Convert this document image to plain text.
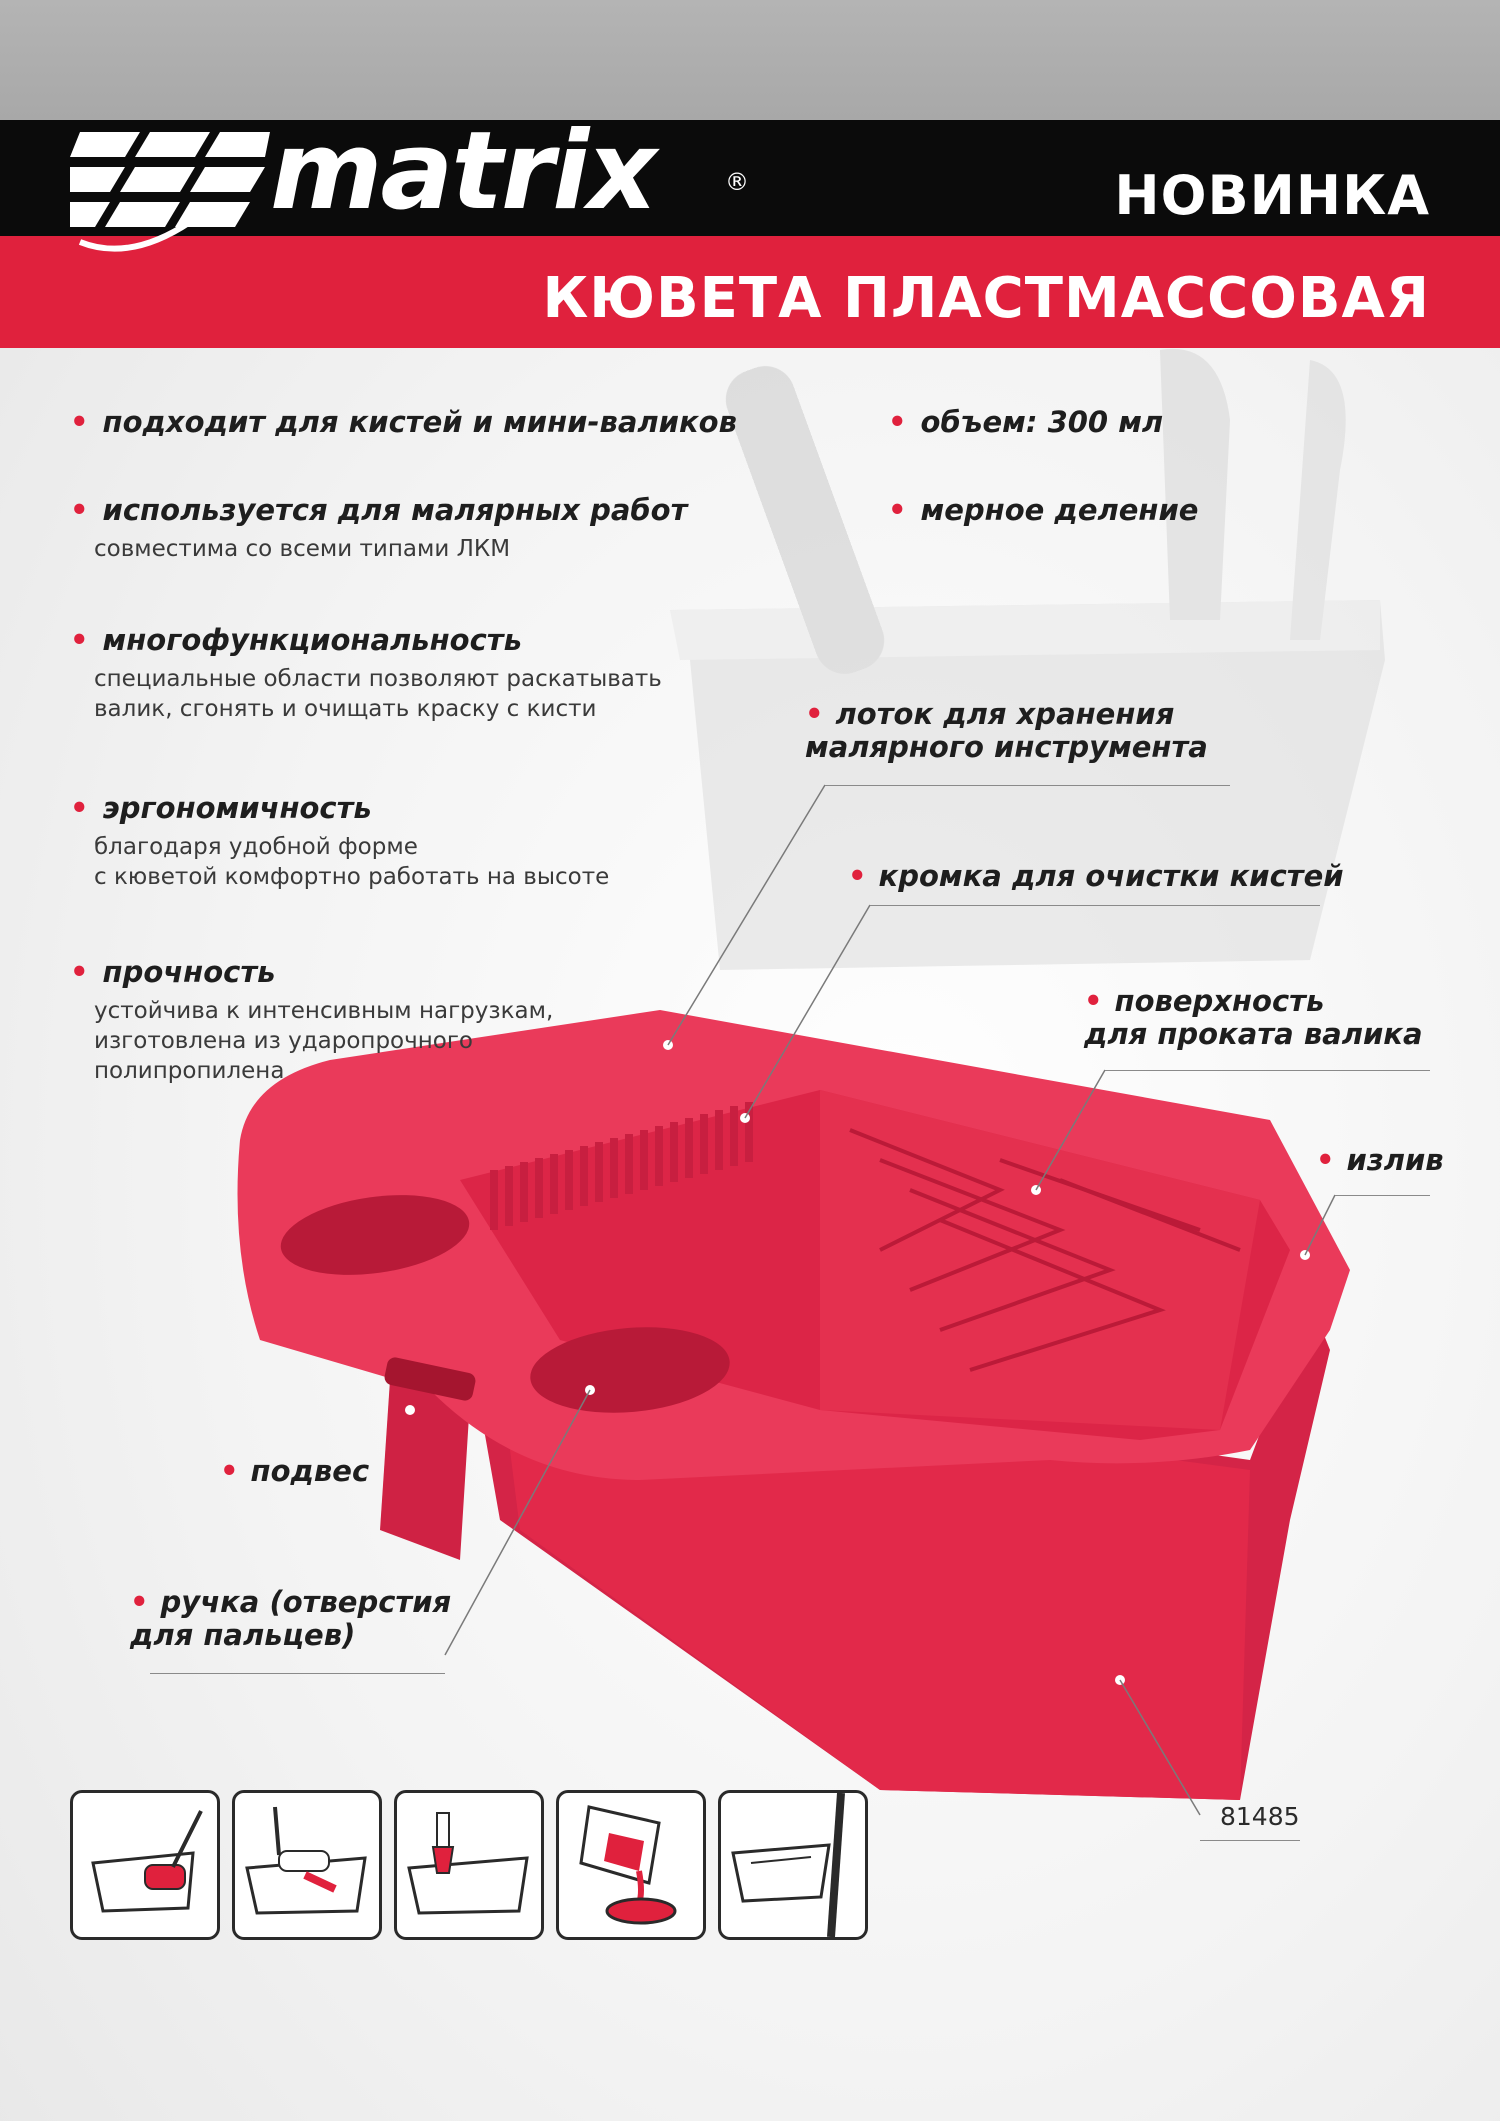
matrix	®	НОВИНКА
КЮВЕТА ПЛАСТМАССОВАЯ
• подходит для кистей и мини-валиков
• используется для малярных работ
совместима со всеми типами ЛКМ
• многофункциональность
специальные области позволяют раскатывать
валик, сгонять и очищать краску с кисти
• эргономичность
благодаря удобной форме
с кюветой комфортно работать на высоте
• прочность
устойчива к интенсивным нагрузкам,
изготовлена из ударопрочного
полипропилена
• объем: 300 мл
• мерное деление
• лоток для хранения
малярного инструмента
• кромка для очистки кистей
• поверхность
для проката валика
• излив
• подвес
• ручка (отверстия
для пальцев)
81485
